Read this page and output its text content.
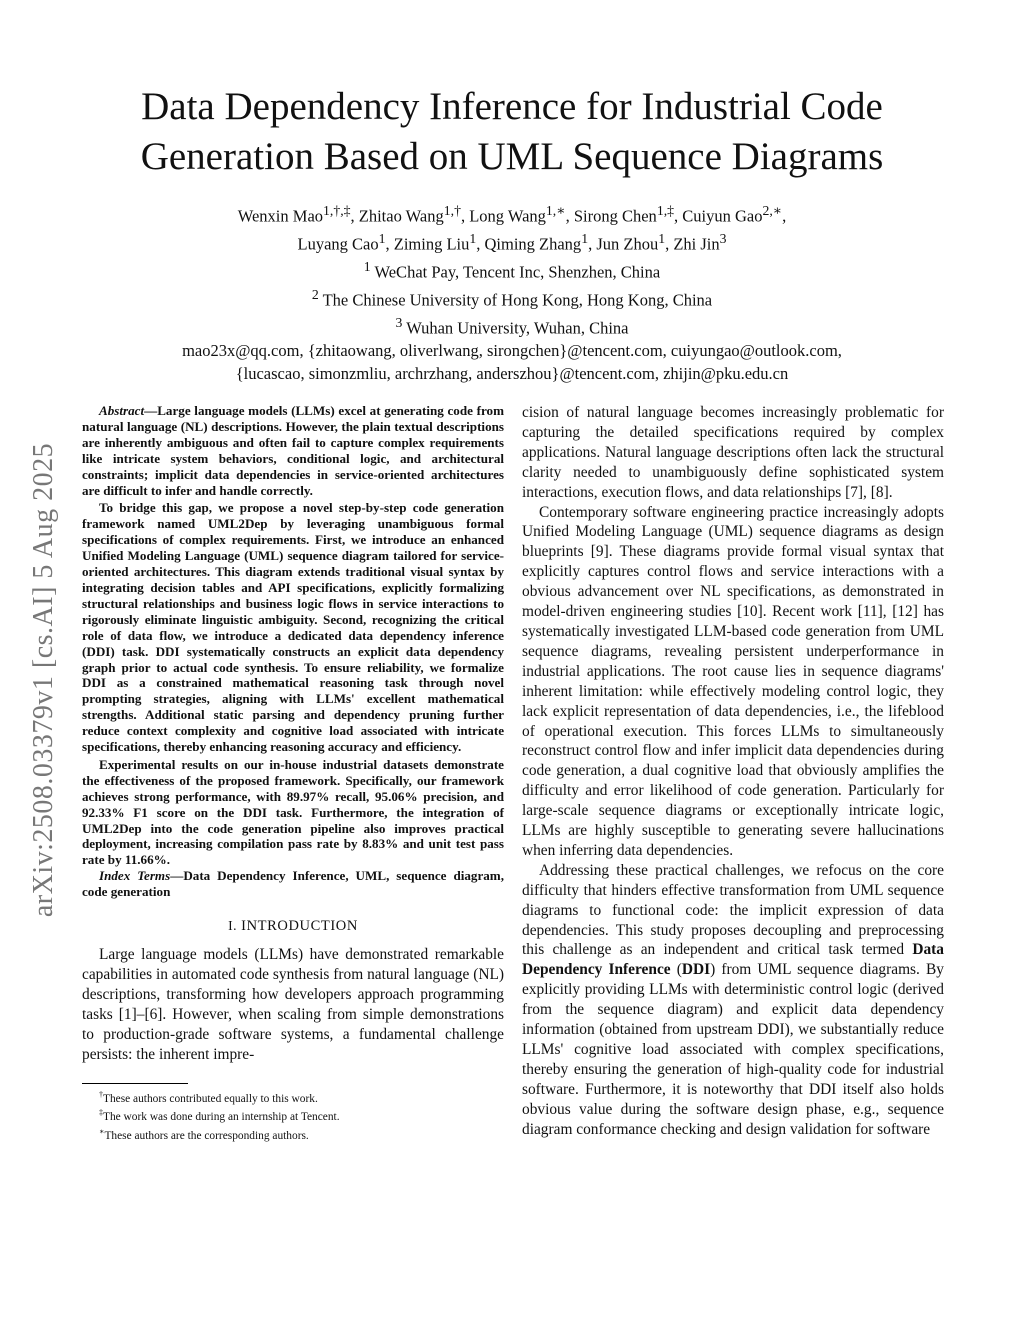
arXiv:2508.03379v1 [cs.AI] 5 Aug 2025
Data Dependency Inference for Industrial Code
Generation Based on UML Sequence Diagrams
Wenxin Mao$^{1,\dagger,\ddagger}$, Zhitao Wang$^{1,\dagger}$, Long Wang$^{1,∗}$, Sirong Chen$^{1,\ddagger}$, Cuiyun Gao$^{2,∗}$,
Luyang Cao$^1$, Ziming Liu$^1$, Qiming Zhang$^1$, Jun Zhou$^1$, Zhi Jin$^3$
$^1$ WeChat Pay, Tencent Inc, Shenzhen, China
$^2$ The Chinese University of Hong Kong, Hong Kong, China
$^3$ Wuhan University, Wuhan, China
mao23x@qq.com, {zhitaowang, oliverlwang, sirongchen}@tencent.com, cuiyungao@outlook.com,
{lucascao, simonzmliu, archrzhang, anderszhou}@tencent.com, zhijin@pku.edu.cn

Abstract—Large language models (LLMs) excel at generating code from natural language (NL) descriptions. However, the plain textual descriptions are inherently ambiguous and often fail to capture complex requirements like intricate system behaviors, conditional logic, and architectural constraints; implicit data dependencies in service-oriented architectures are difficult to infer and handle correctly.

To bridge this gap, we propose a novel step-by-step code generation framework named UML2Dep by leveraging unambiguous formal specifications of complex requirements. First, we introduce an enhanced Unified Modeling Language (UML) sequence diagram tailored for service-oriented architectures. This diagram extends traditional visual syntax by integrating decision tables and API specifications, explicitly formalizing structural relationships and business logic flows in service interactions to rigorously eliminate linguistic ambiguity. Second, recognizing the critical role of data flow, we introduce a dedicated data dependency inference (DDI) task. DDI systematically constructs an explicit data dependency graph prior to actual code synthesis. To ensure reliability, we formalize DDI as a constrained mathematical reasoning task through novel prompting strategies, aligning with LLMs' excellent mathematical strengths. Additional static parsing and dependency pruning further reduce context complexity and cognitive load associated with intricate specifications, thereby enhancing reasoning accuracy and efficiency.

Experimental results on our in-house industrial datasets demonstrate the effectiveness of the proposed framework. Specifically, our framework achieves strong performance, with 89.97% recall, 95.06% precision, and 92.33% F1 score on the DDI task. Furthermore, the integration of UML2Dep into the code generation pipeline also improves practical deployment, increasing compilation pass rate by 8.83% and unit test pass rate by 11.66%.

Index Terms—Data Dependency Inference, UML, sequence diagram, code generation

I. INTRODUCTION

Large language models (LLMs) have demonstrated remarkable capabilities in automated code synthesis from natural language (NL) descriptions, transforming how developers approach programming tasks [1]–[6]. However, when scaling from simple demonstrations to production-grade software systems, a fundamental challenge persists: the inherent impre-

†These authors contributed equally to this work.
‡The work was done during an internship at Tencent.
∗These authors are the corresponding authors.

cision of natural language becomes increasingly problematic for capturing the detailed specifications required by complex applications. Natural language descriptions often lack the structural clarity needed to unambiguously define sophisticated system interactions, execution flows, and data relationships [7], [8].

Contemporary software engineering practice increasingly adopts Unified Modeling Language (UML) sequence diagrams as design blueprints [9]. These diagrams provide formal visual syntax that explicitly captures control flows and service interactions with a obvious advancement over NL specifications, as demonstrated in model-driven engineering studies [10]. Recent work [11], [12] has systematically investigated LLM-based code generation from UML sequence diagrams, revealing persistent underperformance in industrial applications. The root cause lies in sequence diagrams' inherent limitation: while effectively modeling control logic, they lack explicit representation of data dependencies, i.e., the lifeblood of operational execution. This forces LLMs to simultaneously reconstruct control flow and infer implicit data dependencies during code generation, a dual cognitive load that obviously amplifies the difficulty and error likelihood of code generation. Particularly for large-scale sequence diagrams or exceptionally intricate logic, LLMs are highly susceptible to generating severe hallucinations when inferring data dependencies.

Addressing these practical challenges, we refocus on the core difficulty that hinders effective transformation from UML sequence diagrams to functional code: the implicit expression of data dependencies. This study proposes decoupling and preprocessing this challenge as an independent and critical task termed Data Dependency Inference (DDI) from UML sequence diagrams. By explicitly providing LLMs with deterministic control logic (derived from the sequence diagram) and explicit data dependency information (obtained from upstream DDI), we substantially reduce LLMs' cognitive load associated with complex specifications, thereby ensuring the generation of high-quality code for industrial software. Furthermore, it is noteworthy that DDI itself also holds obvious value during the software design phase, e.g., sequence diagram conformance checking and design validation for software
